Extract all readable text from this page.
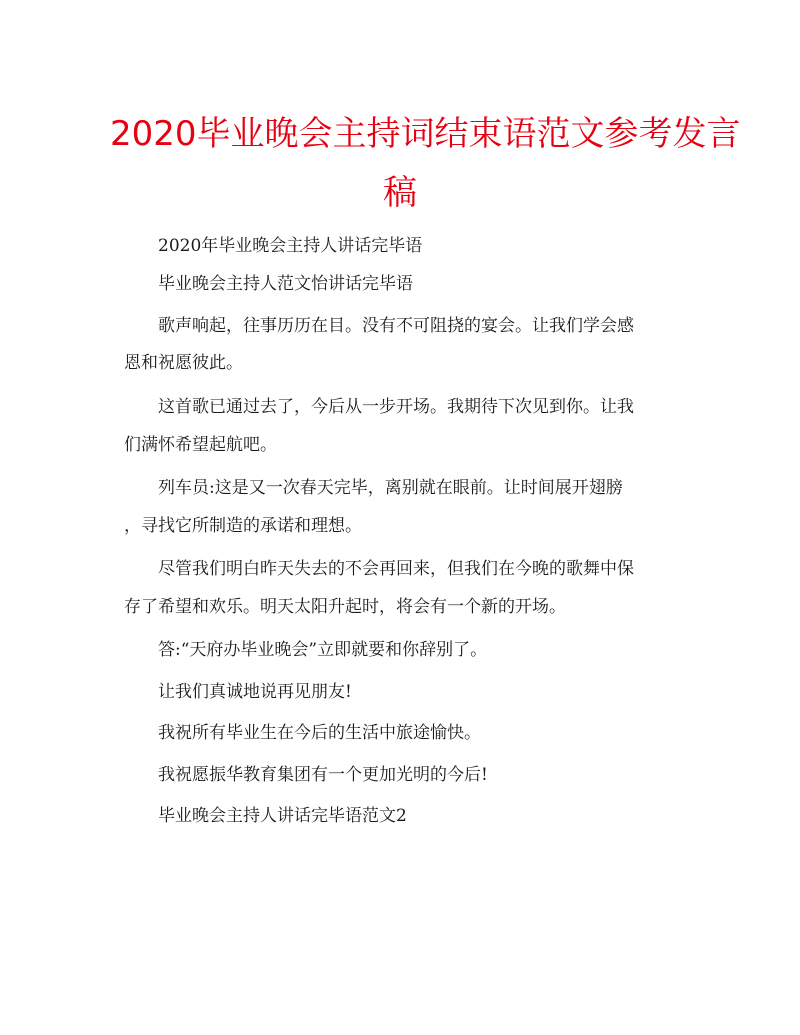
2020毕业晚会主持词结束语范文参考发言
稿

2020年毕业晚会主持人讲话完毕语

毕业晚会主持人范文怡讲话完毕语

歌声响起，往事历历在目。没有不可阻挠的宴会。让我们学会感

恩和祝愿彼此。

这首歌已通过去了，今后从一步开场。我期待下次见到你。让我

们满怀希望起航吧。

列车员:这是又一次春天完毕，离别就在眼前。让时间展开翅膀

，寻找它所制造的承诺和理想。

尽管我们明白昨天失去的不会再回来，但我们在今晚的歌舞中保

存了希望和欢乐。明天太阳升起时，将会有一个新的开场。

答:“天府办毕业晚会”立即就要和你辞别了。

让我们真诚地说再见朋友!

我祝所有毕业生在今后的生活中旅途愉快。

我祝愿振华教育集团有一个更加光明的今后!

毕业晚会主持人讲话完毕语范文2
